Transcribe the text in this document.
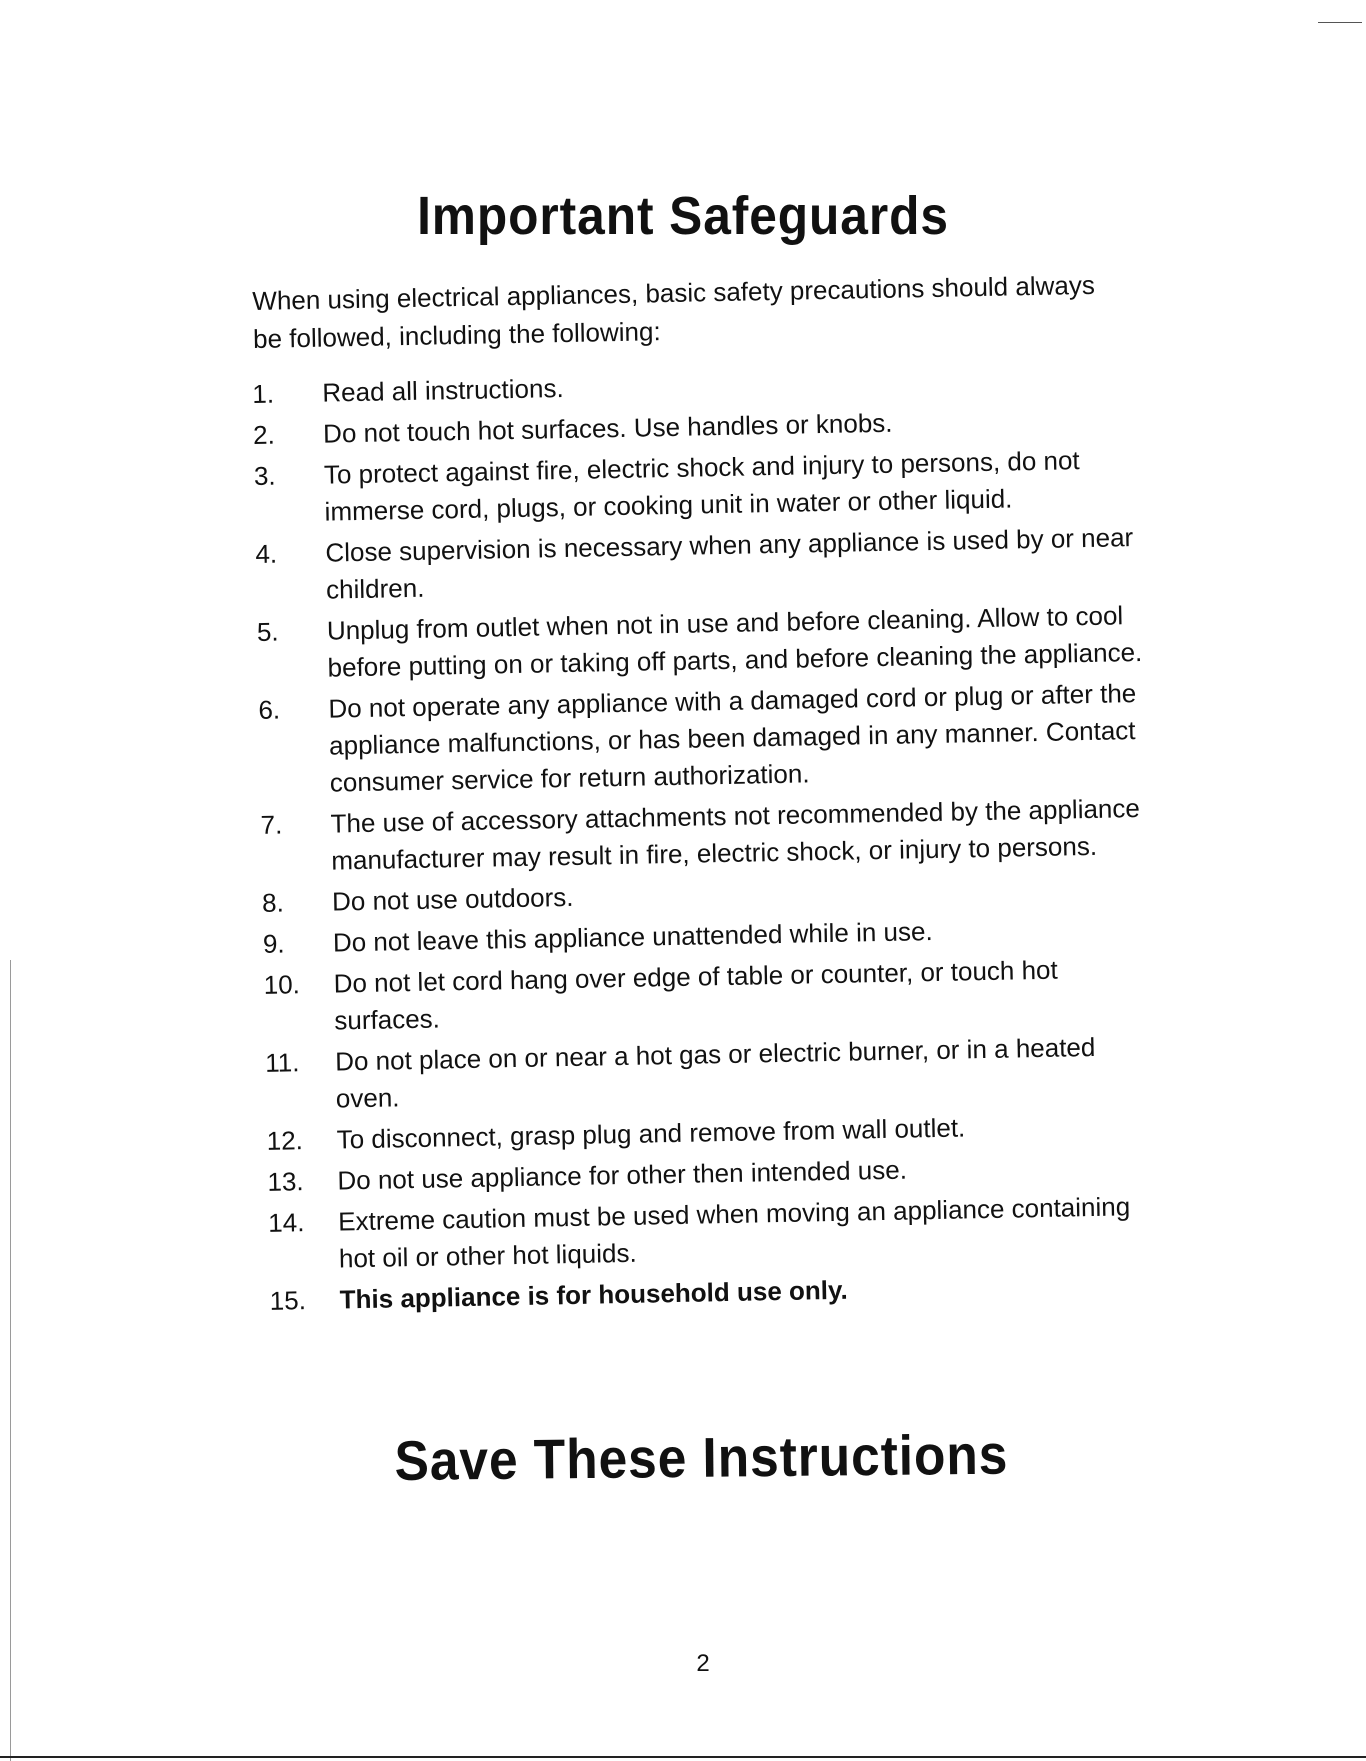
Important Safeguards

When using electrical appliances, basic safety precautions should always be followed, including the following:

1.	Read all instructions.
2.	Do not touch hot surfaces. Use handles or knobs.
3.	To protect against fire, electric shock and injury to persons, do not immerse cord, plugs, or cooking unit in water or other liquid.
4.	Close supervision is necessary when any appliance is used by or near children.
5.	Unplug from outlet when not in use and before cleaning. Allow to cool before putting on or taking off parts, and before cleaning the appliance.
6.	Do not operate any appliance with a damaged cord or plug or after the appliance malfunctions, or has been damaged in any manner. Contact consumer service for return authorization.
7.	The use of accessory attachments not recommended by the appliance manufacturer may result in fire, electric shock, or injury to persons.
8.	Do not use outdoors.
9.	Do not leave this appliance unattended while in use.
10.	Do not let cord hang over edge of table or counter, or touch hot surfaces.
11.	Do not place on or near a hot gas or electric burner, or in a heated oven.
12.	To disconnect, grasp plug and remove from wall outlet.
13.	Do not use appliance for other then intended use.
14.	Extreme caution must be used when moving an appliance containing hot oil or other hot liquids.
15.	This appliance is for household use only.
Save These Instructions
2
